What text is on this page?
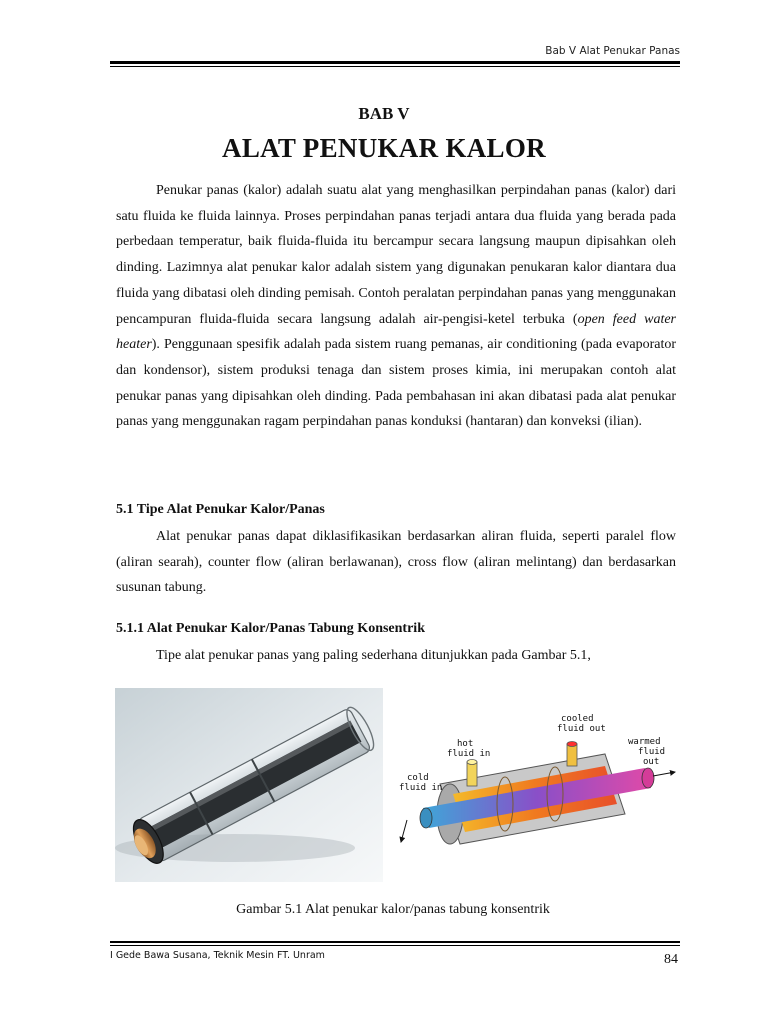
Bab V Alat Penukar Panas
BAB V
ALAT PENUKAR KALOR

Penukar panas (kalor) adalah suatu alat yang menghasilkan perpindahan panas (kalor) dari satu fluida ke fluida lainnya. Proses perpindahan panas terjadi antara dua fluida yang berada pada perbedaan temperatur, baik fluida-fluida itu bercampur secara langsung maupun dipisahkan oleh dinding. Lazimnya alat penukar kalor adalah sistem yang digunakan penukaran kalor diantara dua fluida yang dibatasi oleh dinding pemisah. Contoh peralatan perpindahan panas yang menggunakan pencampuran fluida-fluida secara langsung adalah air-pengisi-ketel terbuka (open feed water heater). Penggunaan spesifik adalah pada sistem ruang pemanas, air conditioning (pada evaporator dan kondensor), sistem produksi tenaga dan sistem proses kimia, ini merupakan contoh alat penukar panas yang dipisahkan oleh dinding. Pada pembahasan ini akan dibatasi pada alat penukar panas yang menggunakan ragam perpindahan panas konduksi (hantaran) dan konveksi (ilian).

5.1 Tipe Alat Penukar Kalor/Panas

Alat penukar panas dapat diklasifikasikan berdasarkan aliran fluida, seperti paralel flow (aliran searah), counter flow (aliran berlawanan), cross flow (aliran melintang) dan berdasarkan susunan tabung.

5.1.1 Alat Penukar Kalor/Panas Tabung Konsentrik

Tipe alat penukar panas yang paling sederhana ditunjukkan pada Gambar 5.1,

cooled
fluid out
hot
fluid in
warmed
fluid
out
cold
fluid in
Gambar 5.1 Alat penukar kalor/panas tabung konsentrik
I Gede Bawa Susana, Teknik Mesin FT. Unram	84
